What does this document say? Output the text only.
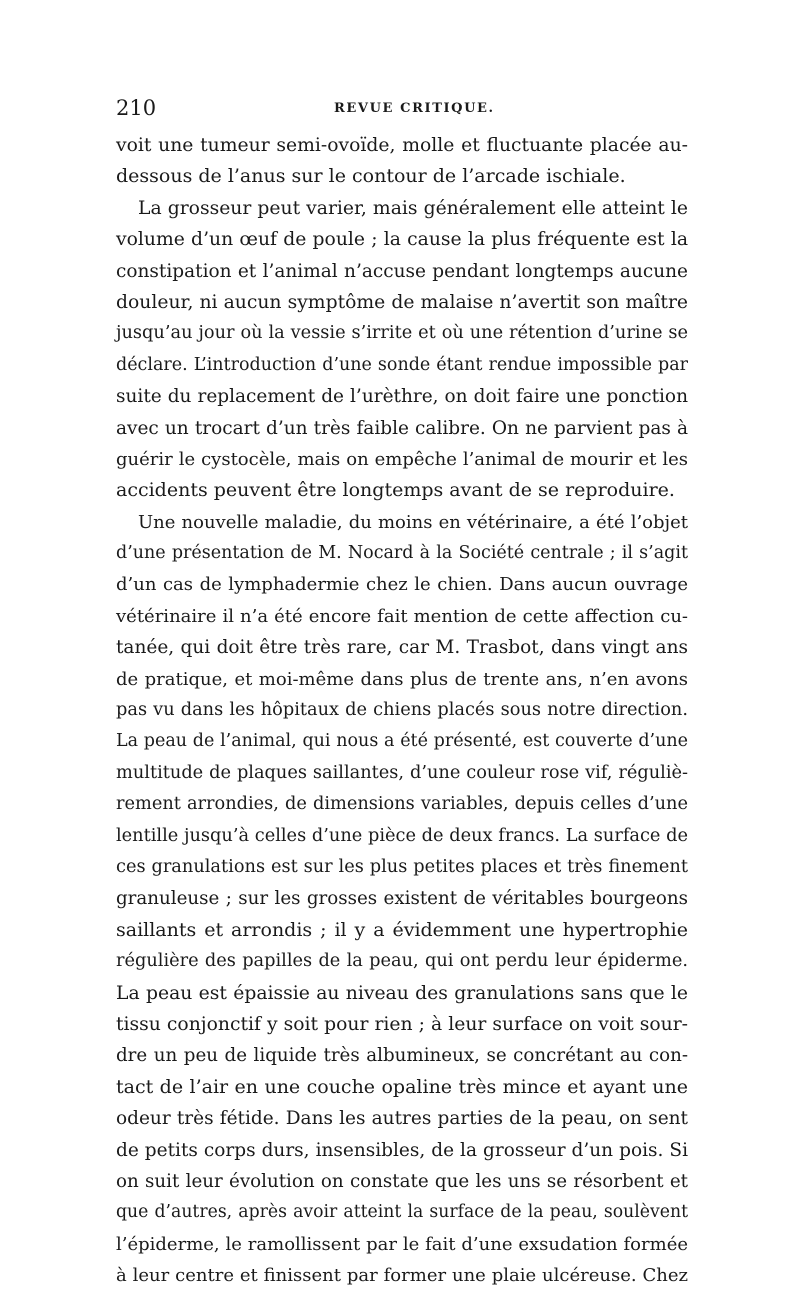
210	REVUE CRITIQUE.
voit une tumeur semi-ovoïde, molle et fluctuante placée au-
dessous de l’anus sur le contour de l’arcade ischiale.
La grosseur peut varier, mais généralement elle atteint le
volume d’un œuf de poule ; la cause la plus fréquente est la
constipation et l’animal n’accuse pendant longtemps aucune
douleur, ni aucun symptôme de malaise n’avertit son maître
jusqu’au jour où la vessie s’irrite et où une rétention d’urine se
déclare. L’introduction d’une sonde étant rendue impossible par
suite du replacement de l’urèthre, on doit faire une ponction
avec un trocart d’un très faible calibre. On ne parvient pas à
guérir le cystocèle, mais on empêche l’animal de mourir et les
accidents peuvent être longtemps avant de se reproduire.
Une nouvelle maladie, du moins en vétérinaire, a été l’objet
d’une présentation de M. Nocard à la Société centrale ; il s’agit
d’un cas de lymphadermie chez le chien. Dans aucun ouvrage
vétérinaire il n’a été encore fait mention de cette affection cu-
tanée, qui doit être très rare, car M. Trasbot, dans vingt ans
de pratique, et moi-même dans plus de trente ans, n’en avons
pas vu dans les hôpitaux de chiens placés sous notre direction.
La peau de l’animal, qui nous a été présenté, est couverte d’une
multitude de plaques saillantes, d’une couleur rose vif, réguliè-
rement arrondies, de dimensions variables, depuis celles d’une
lentille jusqu’à celles d’une pièce de deux francs. La surface de
ces granulations est sur les plus petites places et très finement
granuleuse ; sur les grosses existent de véritables bourgeons
saillants et arrondis ; il y a évidemment une hypertrophie
régulière des papilles de la peau, qui ont perdu leur épiderme.
La peau est épaissie au niveau des granulations sans que le
tissu conjonctif y soit pour rien ; à leur surface on voit sour-
dre un peu de liquide très albumineux, se concrétant au con-
tact de l’air en une couche opaline très mince et ayant une
odeur très fétide. Dans les autres parties de la peau, on sent
de petits corps durs, insensibles, de la grosseur d’un pois. Si
on suit leur évolution on constate que les uns se résorbent et
que d’autres, après avoir atteint la surface de la peau, soulèvent
l’épiderme, le ramollissent par le fait d’une exsudation formée
à leur centre et finissent par former une plaie ulcéreuse. Chez
